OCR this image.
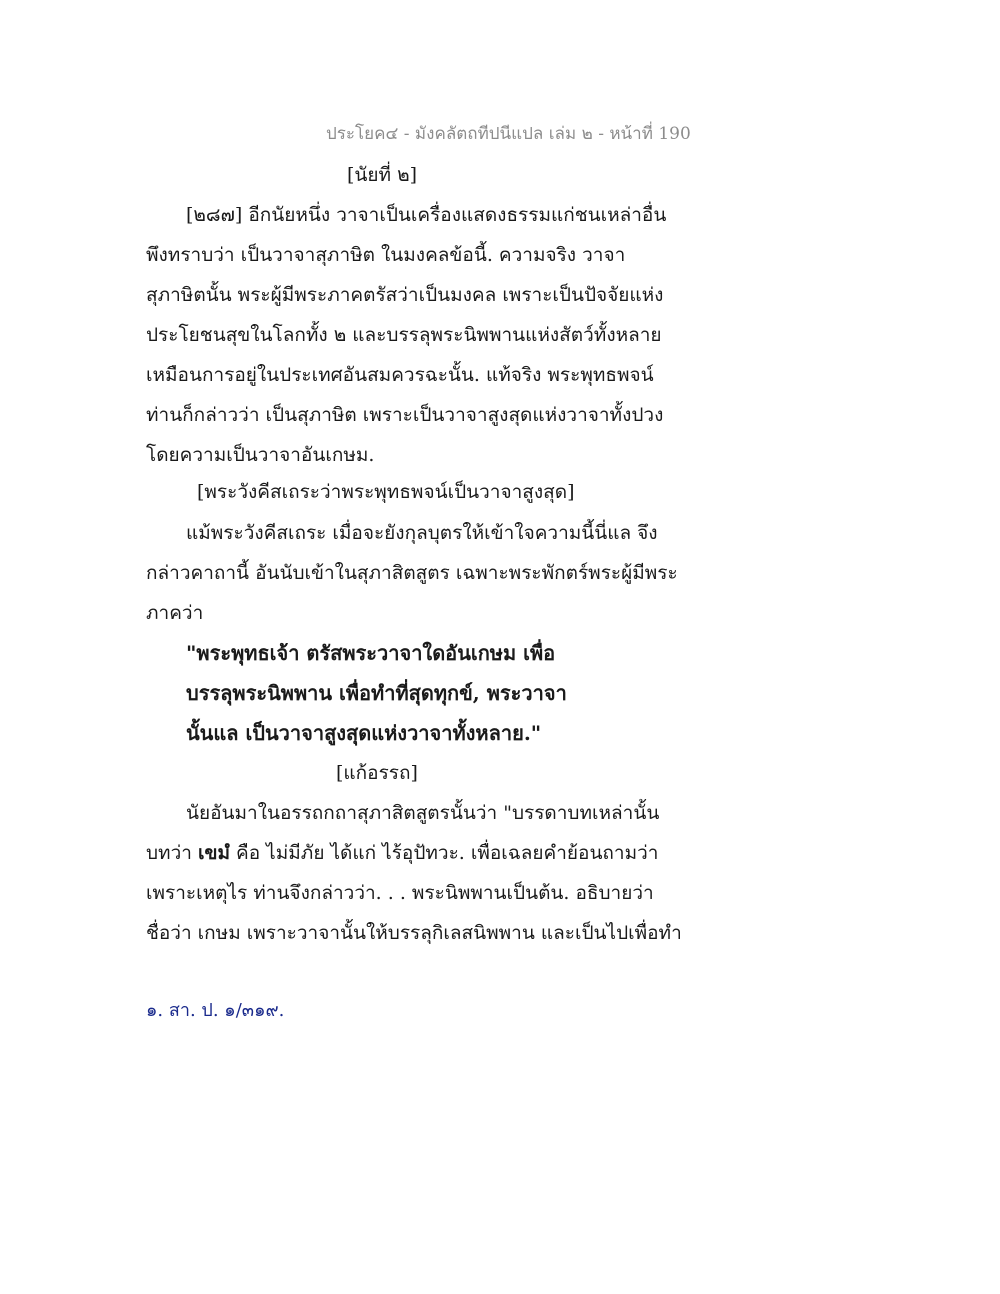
ประโยค๔ - มังคลัตถทีปนีแปล เล่ม ๒ - หน้าที่ 190
[นัยที่ ๒]
[๒๘๗] อีกนัยหนึ่ง วาจาเป็นเครื่องแสดงธรรมแก่ชนเหล่าอื่น
พึงทราบว่า เป็นวาจาสุภาษิต ในมงคลข้อนี้. ความจริง วาจา
สุภาษิตนั้น พระผู้มีพระภาคตรัสว่าเป็นมงคล เพราะเป็นปัจจัยแห่ง
ประโยชนสุขในโลกทั้ง ๒ และบรรลุพระนิพพานแห่งสัตว์ทั้งหลาย
เหมือนการอยู่ในประเทศอันสมควรฉะนั้น. แท้จริง พระพุทธพจน์
ท่านก็กล่าวว่า เป็นสุภาษิต เพราะเป็นวาจาสูงสุดแห่งวาจาทั้งปวง
โดยความเป็นวาจาอันเกษม.
[พระวังคีสเถระว่าพระพุทธพจน์เป็นวาจาสูงสุด]
แม้พระวังคีสเถระ เมื่อจะยังกุลบุตรให้เข้าใจความนี้นี่แล จึง
กล่าวคาถานี้ อันนับเข้าในสุภาสิตสูตร เฉพาะพระพักตร์พระผู้มีพระ
ภาคว่า
"พระพุทธเจ้า ตรัสพระวาจาใดอันเกษม เพื่อ
บรรลุพระนิพพาน เพื่อทำที่สุดทุกข์, พระวาจา
นั้นแล เป็นวาจาสูงสุดแห่งวาจาทั้งหลาย."
[แก้อรรถ]
นัยอันมาในอรรถกถาสุภาสิตสูตรนั้นว่า "บรรดาบทเหล่านั้น
บทว่า เขมํ คือ ไม่มีภัย ได้แก่ ไร้อุปัทวะ. เพื่อเฉลยคำย้อนถามว่า
เพราะเหตุไร ท่านจึงกล่าวว่า. . . พระนิพพานเป็นต้น. อธิบายว่า
ชื่อว่า เกษม เพราะวาจานั้นให้บรรลุกิเลสนิพพาน และเป็นไปเพื่อทำ
๑. สา. ป. ๑/๓๑๙.
